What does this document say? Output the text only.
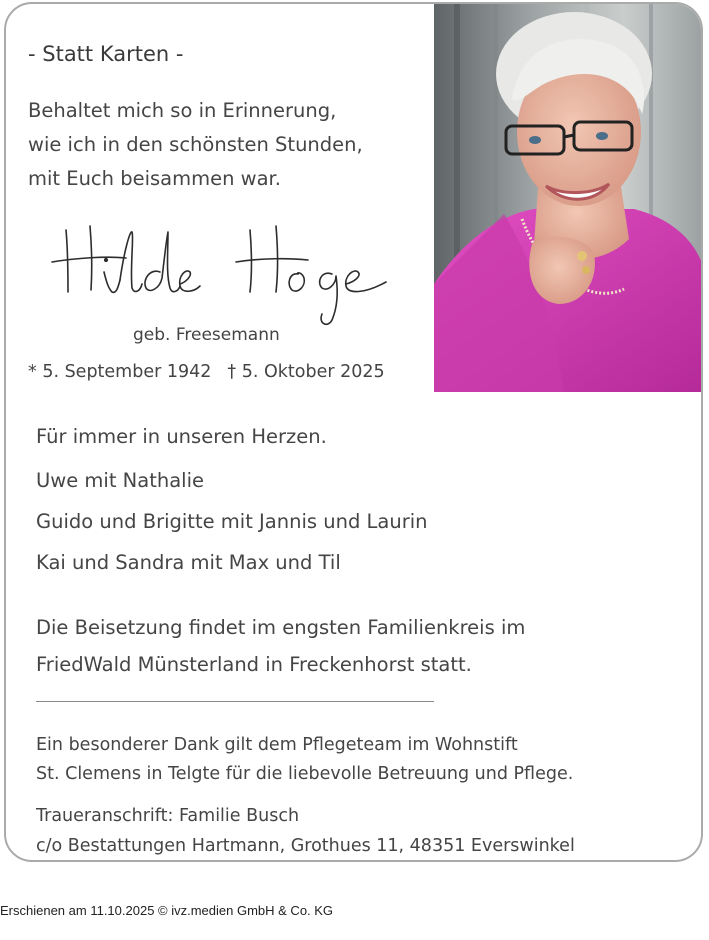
- Statt Karten -
Behaltet mich so in Erinnerung,
wie ich in den schönsten Stunden,
mit Euch beisammen war.
geb. Freesemann
* 5. September 1942 † 5. Oktober 2025
Für immer in unseren Herzen.
Uwe mit Nathalie
Guido und Brigitte mit Jannis und Laurin
Kai und Sandra mit Max und Til
Die Beisetzung findet im engsten Familienkreis im
FriedWald Münsterland in Freckenhorst statt.
Ein besonderer Dank gilt dem Pflegeteam im Wohnstift
St. Clemens in Telgte für die liebevolle Betreuung und Pflege.
Traueranschrift: Familie Busch
c/o Bestattungen Hartmann, Grothues 11, 48351 Everswinkel
Erschienen am 11.10.2025 © ivz.medien GmbH & Co. KG
